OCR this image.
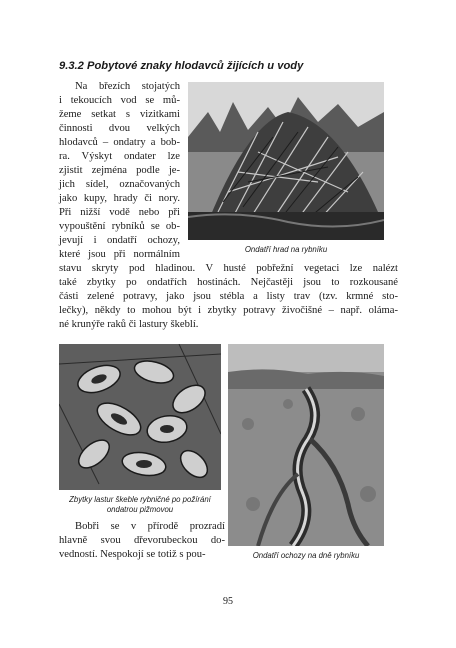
9.3.2 Pobytové znaky hlodavců žijících u vody
Ondatří hrad na rybníku
Na březích stojatých
i tekoucích vod se mů-
žeme setkat s vizitkami
činnosti dvou velkých
hlodavců – ondatry a bob-
ra. Výskyt ondater lze
zjistit zejména podle je-
jich sídel, označovaných
jako kupy, hrady či nory.
Při nižší vodě nebo při
vypouštění rybníků se ob-
jevují i ondatří ochozy,
které jsou při normálním
stavu skryty pod hladinou. V husté pobřežní vegetaci lze nalézt
také zbytky po ondatřích hostinách. Nejčastěji jsou to rozkousané
části zelené potravy, jako jsou stébla a listy trav (tzv. krmné sto-
lečky), někdy to mohou být i zbytky potravy živočišné – např. olámа-
né krunýře raků či lastury škeblí.
Zbytky lastur škeble rybničné po požírání
ondatrou pižmovou
Ondatří ochozy na dně rybníku
Bobři se v přírodě prozradí
hlavně svou dřevorubeckou do-
vedností. Nespokojí se totiž s pou-
95
